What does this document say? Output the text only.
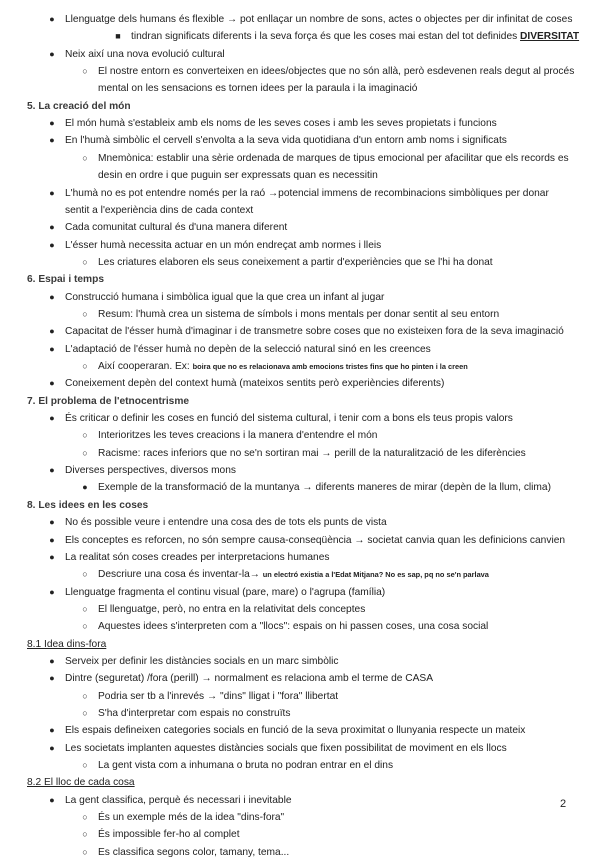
●	Llenguatge dels humans és flexible → pot enllaçar un nombre de sons, actes o objectes per dir infinitat de coses
■	tindran significats diferents i la seva força és que les coses mai estan del tot definides DIVERSITAT
●	Neix així una nova evolució cultural
○	El nostre entorn es converteixen en idees/objectes que no són allà, però esdevenen reals degut al procés
mental on les sensacions es tornen idees per la paraula i la imaginació
5. La creació del món
●	El món humà s'estableix amb els noms de les seves coses i amb les seves propietats i funcions
●	En l'humà simbòlic el cervell s'envolta a la seva vida quotidiana d'un entorn amb noms i significats
○	Mnemònica: establir una sèrie ordenada de marques de tipus emocional per afacilitar que els records es
desin en ordre i que puguin ser expressats quan es necessitin
●	L'humà no es pot entendre només per la raó →potencial immens de recombinacions simbòliques per donar
sentit a l'experiència dins de cada context
●	Cada comunitat cultural és d'una manera diferent
●	L'ésser humà necessita actuar en un món endreçat amb normes i lleis
○	Les criatures elaboren els seus coneixement a partir d'experiències que se l'hi ha donat
6. Espai i temps
●	Construcció humana i simbòlica igual que la que crea un infant al jugar
○	Resum: l'humà crea un sistema de símbols i mons mentals per donar sentit al seu entorn
●	Capacitat de l'ésser humà d'imaginar i de transmetre sobre coses que no existeixen fora de la seva imaginació
●	L'adaptació de l'ésser humà no depèn de la selecció natural sinó en les creences
○	Així cooperaran. Ex: boira que no es relacionava amb emocions tristes fins que ho pinten i la creen
●	Coneixement depèn del context humà (mateixos sentits però experiències diferents)
7. El problema de l'etnocentrisme
●	És criticar o definir les coses en funció del sistema cultural, i tenir com a bons els teus propis valors
○	Interioritzes les teves creacions i la manera d'entendre el món
○	Racisme: races inferiors que no se'n sortiran mai → perill de la naturalització de les diferències
●	Diverses perspectives, diversos mons
●	Exemple de la transformació de la muntanya → diferents maneres de mirar (depèn de la llum, clima)
8. Les idees en les coses
●	No és possible veure i entendre una cosa des de tots els punts de vista
●	Els conceptes es reforcen, no són sempre causa-conseqüència → societat canvia quan les definicions canvien
●	La realitat són coses creades per interpretacions humanes
○	Descriure una cosa és inventar-la→ un electró existia a l'Edat Mitjana? No es sap, pq no se'n parlava
●	Llenguatge fragmenta el continu visual (pare, mare) o l'agrupa (família)
○	El llenguatge, però, no entra en la relativitat dels conceptes
○	Aquestes idees s'interpreten com a "llocs": espais on hi passen coses, una cosa social
8.1 Idea dins-fora
●	Serveix per definir les distàncies socials en un marc simbòlic
●	Dintre (seguretat) /fora (perill) → normalment es relaciona amb el terme de CASA
○	Podria ser tb a l'inrevés → "dins" lligat i "fora" llibertat
○	S'ha d'interpretar com espais no construïts
●	Els espais defineixen categories socials en funció de la seva proximitat o llunyania respecte un mateix
●	Les societats implanten aquestes distàncies socials que fixen possibilitat de moviment en els llocs
○	La gent vista com a inhumana o bruta no podran entrar en el dins
8.2 El lloc de cada cosa
●	La gent classifica, perquè és necessari i inevitable
○	És un exemple més de la idea "dins-fora"
○	És impossible fer-ho al complet
○	Es classifica segons color, tamany, tema...
2
